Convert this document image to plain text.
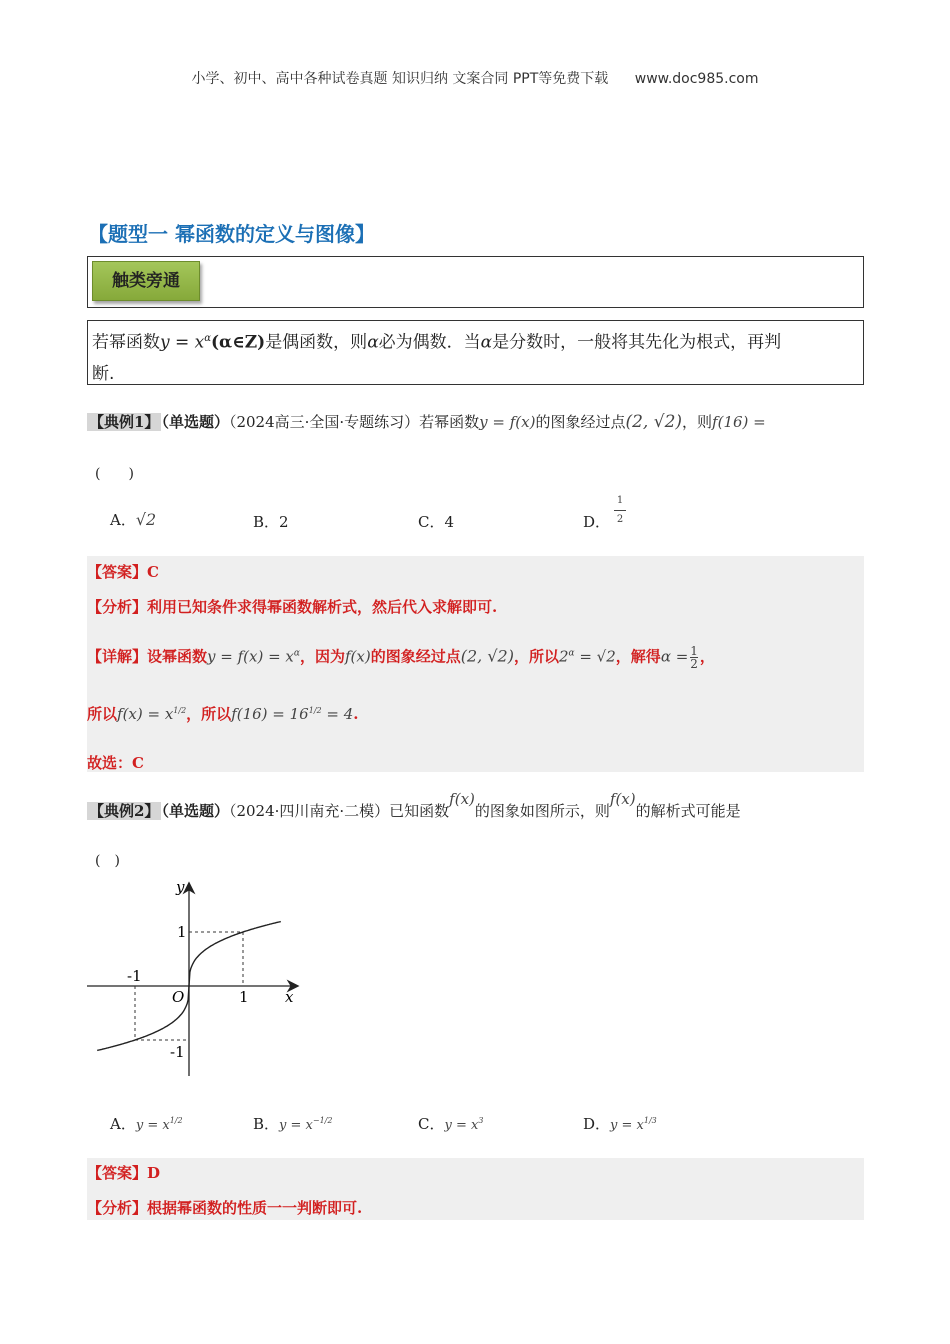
小学、初中、高中各种试卷真题 知识归纳 文案合同 PPT等免费下载 www.doc985.com
【题型一 幂函数的定义与图像】
触类旁通
若幂函数$y = x^\alpha(\alpha\in Z)$是偶函数，则α必为偶数．当α是分数时，一般将其先化为根式，再判
断.
【典例1】 （单选题）（2024高三·全国·专题练习）若幂函数y = f(x)的图象经过点(2, √2)，则f(16) =
(　　)
A．√2	B．2	C．4	D． $\frac{1}{2}$
【答案】C
【分析】利用已知条件求得幂函数解析式，然后代入求解即可.
【详解】设幂函数$y = f(x) = x^\alpha$，因为f(x)的图象经过点(2, √2)，所以$2^\alpha = √2$，解得$\alpha = \frac{1}{2}$ ，
所以$f(x) = x^{1/2}$，所以$f(16) = 16^{1/2} = 4$.
故选：C
【典例2】 （单选题）（2024·四川南充·二模）已知函数f(x)的图象如图所示，则f(x)的解析式可能是
(　)
y
x
O
1
-1
1
-1
A．$y = x^{1/2}$	B．$y = x^{-1/2}$	C．$y = x^3$	D．$y = x^{1/3}$
【答案】D
【分析】根据幂函数的性质一一判断即可.
